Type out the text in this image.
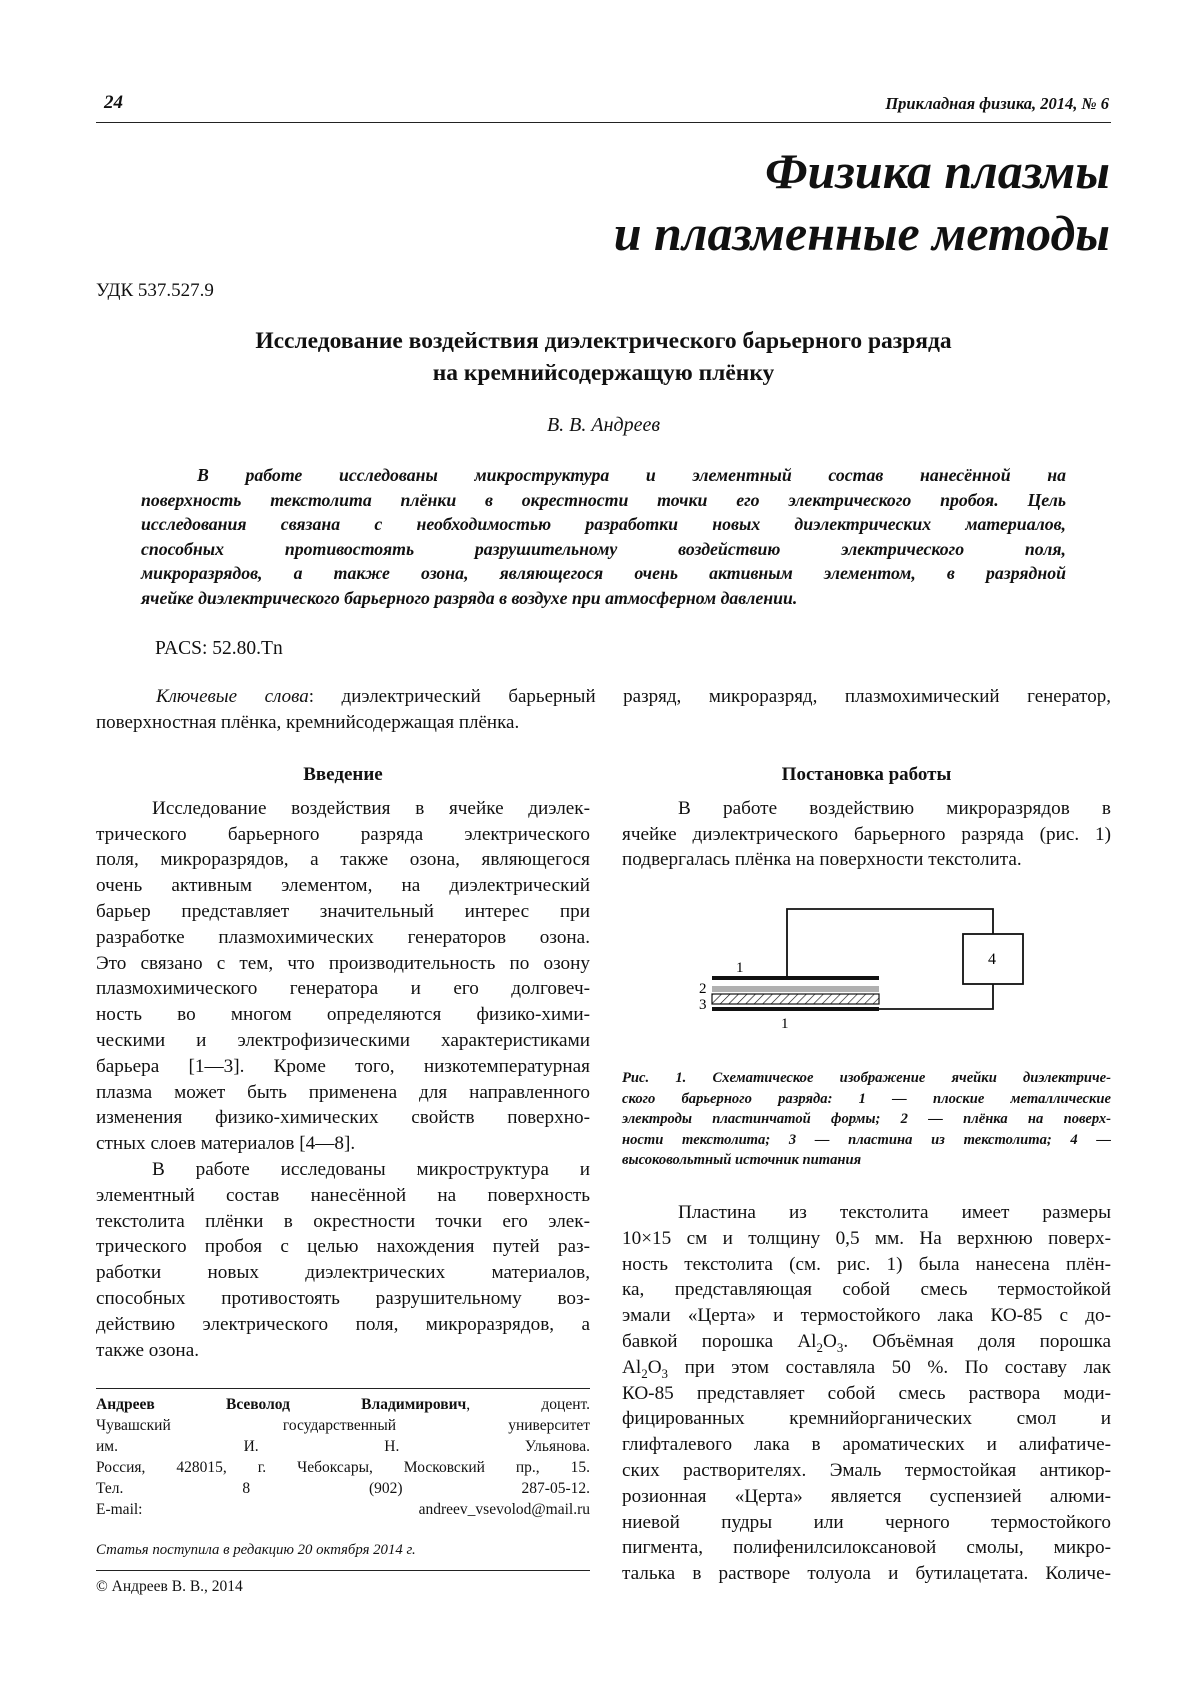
24	Прикладная физика, 2014, № 6
Физика плазмы
и плазменные методы
УДК 537.527.9
Исследование воздействия диэлектрического барьерного разряда
на кремнийсодержащую плёнку
В. В. Андреев
В работе исследованы микроструктура и элементный состав нанесённой на
поверхность текстолита плёнки в окрестности точки его электрического пробоя. Цель
исследования связана с необходимостью разработки новых диэлектрических материалов,
способных противостоять разрушительному воздействию электрического поля,
микроразрядов, а также озона, являющегося очень активным элементом, в разрядной
ячейке диэлектрического барьерного разряда в воздухе при атмосферном давлении.
PACS: 52.80.Tn
Ключевые слова: диэлектрический барьерный разряд, микроразряд, плазмохимический генератор,
поверхностная плёнка, кремнийсодержащая плёнка.
Введение
Исследование воздействия в ячейке диэлек-
трического барьерного разряда электрического
поля, микроразрядов, а также озона, являющегося
очень активным элементом, на диэлектрический
барьер представляет значительный интерес при
разработке плазмохимических генераторов озона.
Это связано с тем, что производительность по озону
плазмохимического генератора и его долговеч-
ность во многом определяются физико-хими-
ческими и электрофизическими характеристиками
барьера [1—3]. Кроме того, низкотемпературная
плазма может быть применена для направленного
изменения физико-химических свойств поверхно-
стных слоев материалов [4—8].
В работе исследованы микроструктура и
элементный состав нанесённой на поверхность
текстолита плёнки в окрестности точки его элек-
трического пробоя с целью нахождения путей раз-
работки новых диэлектрических материалов,
способных противостоять разрушительному воз-
действию электрического поля, микроразрядов, а
также озона.
Постановка работы
В работе воздействию микроразрядов в
ячейке диэлектрического барьерного разряда (рис. 1)
подвергалась плёнка на поверхности текстолита.
1
2
3
1
4
Рис. 1. Схематическое изображение ячейки диэлектриче-
ского барьерного разряда: 1 — плоские металлические
электроды пластинчатой формы; 2 — плёнка на поверх-
ности текстолита; 3 — пластина из текстолита; 4 —
высоковольтный источник питания
Пластина из текстолита имеет размеры
10×15 см и толщину 0,5 мм. На верхнюю поверх-
ность текстолита (см. рис. 1) была нанесена плён-
ка, представляющая собой смесь термостойкой
эмали «Церта» и термостойкого лака КО-85 с до-
бавкой порошка $Al_2O_3$. Объёмная доля порошка
$Al_2O_3$ при этом составляла 50 %. По составу лак
КО-85 представляет собой смесь раствора моди-
фицированных кремнийорганических смол и
глифталевого лака в ароматических и алифатиче-
ских растворителях. Эмаль термостойкая антикор-
розионная «Церта» является суспензией алюми-
ниевой пудры или черного термостойкого
пигмента, полифенилсилоксановой смолы, микро-
талька в растворе толуола и бутилацетата. Количе-
Андреев Всеволод Владимирович, доцент.
Чувашский государственный университет
им. И. Н. Ульянова.
Россия, 428015, г. Чебоксары, Московский пр., 15.
Тел. 8 (902) 287-05-12.
E-mail: andreev_vsevolod@mail.ru
Статья поступила в редакцию 20 октября 2014 г.
© Андреев В. В., 2014
